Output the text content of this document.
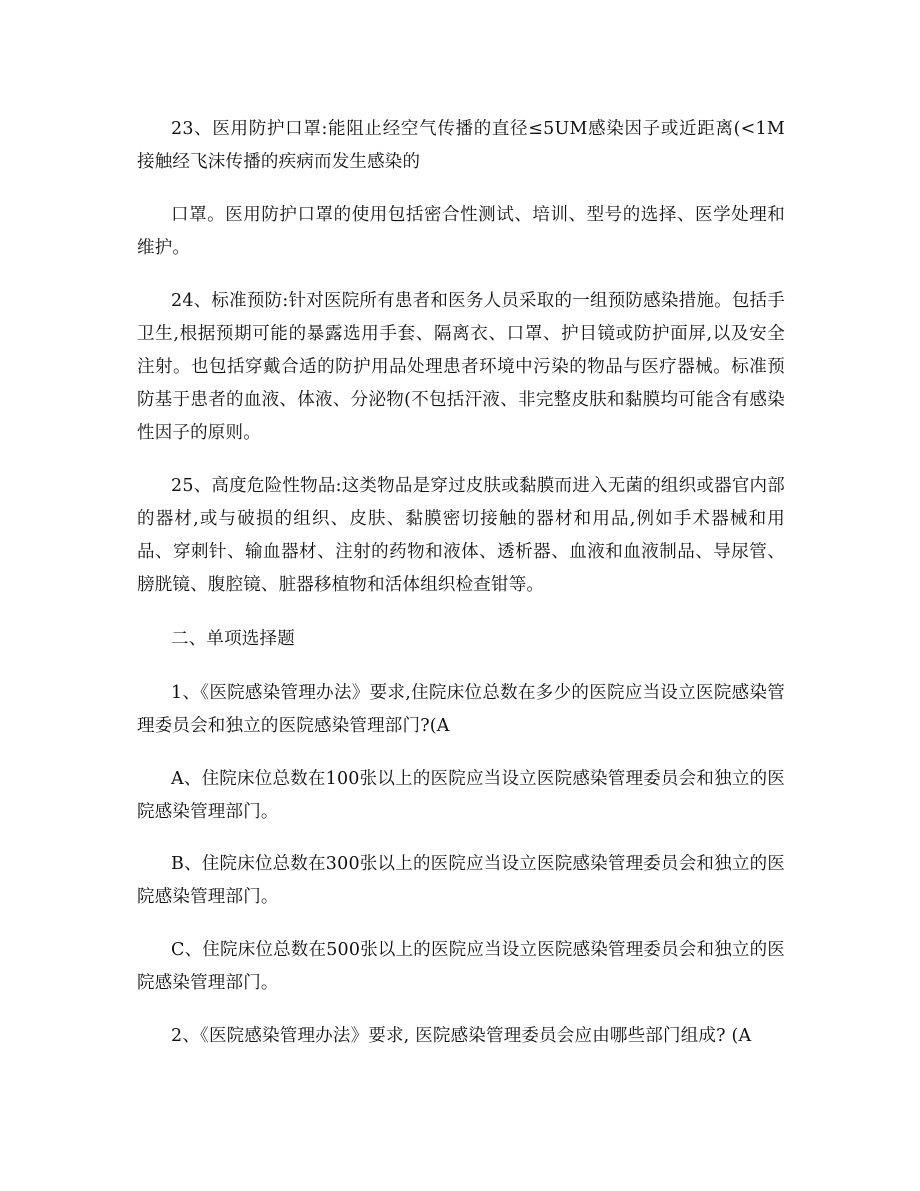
23、医用防护口罩:能阻止经空气传播的直径≤5UM感染因子或近距离(<1M接触经飞沫传播的疾病而发生感染的

口罩。医用防护口罩的使用包括密合性测试、培训、型号的选择、医学处理和维护。

24、标准预防:针对医院所有患者和医务人员采取的一组预防感染措施。包括手卫生,根据预期可能的暴露选用手套、隔离衣、口罩、护目镜或防护面屏,以及安全注射。也包括穿戴合适的防护用品处理患者环境中污染的物品与医疗器械。标准预防基于患者的血液、体液、分泌物(不包括汗液、非完整皮肤和黏膜均可能含有感染性因子的原则。

25、高度危险性物品:这类物品是穿过皮肤或黏膜而进入无菌的组织或器官内部的器材,或与破损的组织、皮肤、黏膜密切接触的器材和用品,例如手术器械和用品、穿刺针、输血器材、注射的药物和液体、透析器、血液和血液制品、导尿管、膀胱镜、腹腔镜、脏器移植物和活体组织检查钳等。

二、单项选择题

1、《医院感染管理办法》要求,住院床位总数在多少的医院应当设立医院感染管理委员会和独立的医院感染管理部门?(A

A、住院床位总数在100张以上的医院应当设立医院感染管理委员会和独立的医院感染管理部门。

B、住院床位总数在300张以上的医院应当设立医院感染管理委员会和独立的医院感染管理部门。

C、住院床位总数在500张以上的医院应当设立医院感染管理委员会和独立的医院感染管理部门。

2、《医院感染管理办法》要求, 医院感染管理委员会应由哪些部门组成? (A
